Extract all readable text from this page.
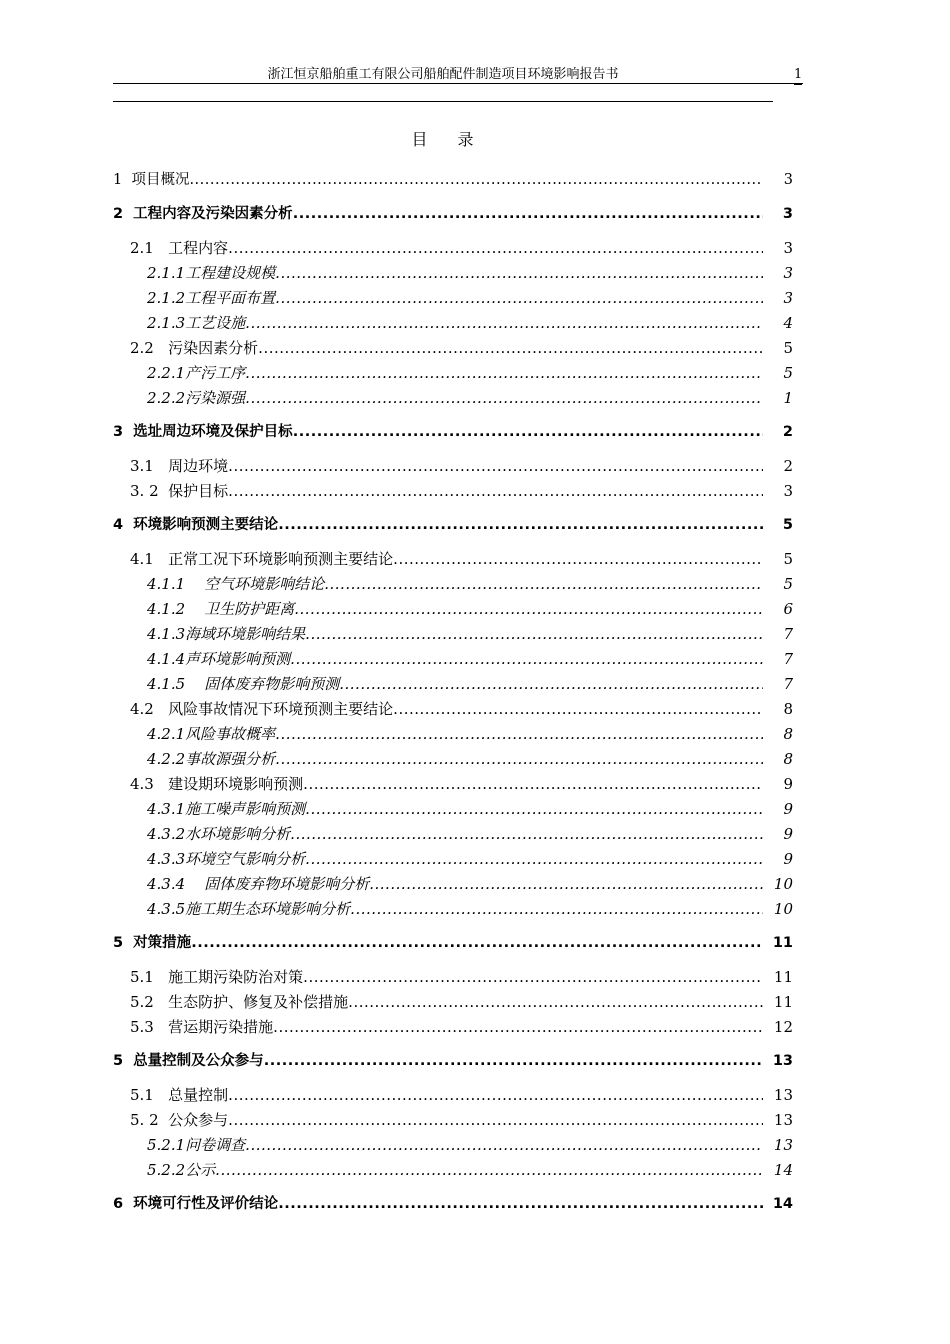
浙江恒京船舶重工有限公司船舶配件制造项目环境影响报告书	1
目录
1  项目概况 .....	3
2  工程内容及污染因素分析 .....	3
2.1   工程内容 .....	3
2.1.1工程建设规模 .....	3
2.1.2工程平面布置 .....	3
2.1.3工艺设施 .....	4
2.2   污染因素分析 .....	5
2.2.1产污工序 .....	5
2.2.2污染源强 .....	1
3  选址周边环境及保护目标 .....	2
3.1   周边环境 .....	2
3. 2  保护目标 .....	3
4  环境影响预测主要结论 .....	5
4.1   正常工况下环境影响预测主要结论 .....	5
4.1.1    空气环境影响结论 .....	5
4.1.2    卫生防护距离 .....	6
4.1.3海域环境影响结果 .....	7
4.1.4声环境影响预测 .....	7
4.1.5    固体废弃物影响预测 .....	7
4.2   风险事故情况下环境预测主要结论 .....	8
4.2.1风险事故概率 .....	8
4.2.2事故源强分析 .....	8
4.3   建设期环境影响预测 .....	9
4.3.1施工噪声影响预测 .....	9
4.3.2水环境影响分析 .....	9
4.3.3环境空气影响分析 .....	9
4.3.4    固体废弃物环境影响分析 .....	10
4.3.5施工期生态环境影响分析 .....	10
5  对策措施 .....	11
5.1   施工期污染防治对策 .....	11
5.2   生态防护、修复及补偿措施 .....	11
5.3   营运期污染措施 .....	12
5  总量控制及公众参与 .....	13
5.1   总量控制 .....	13
5. 2  公众参与 .....	13
5.2.1问卷调查 .....	13
5.2.2公示 .....	14
6  环境可行性及评价结论 .....	14
